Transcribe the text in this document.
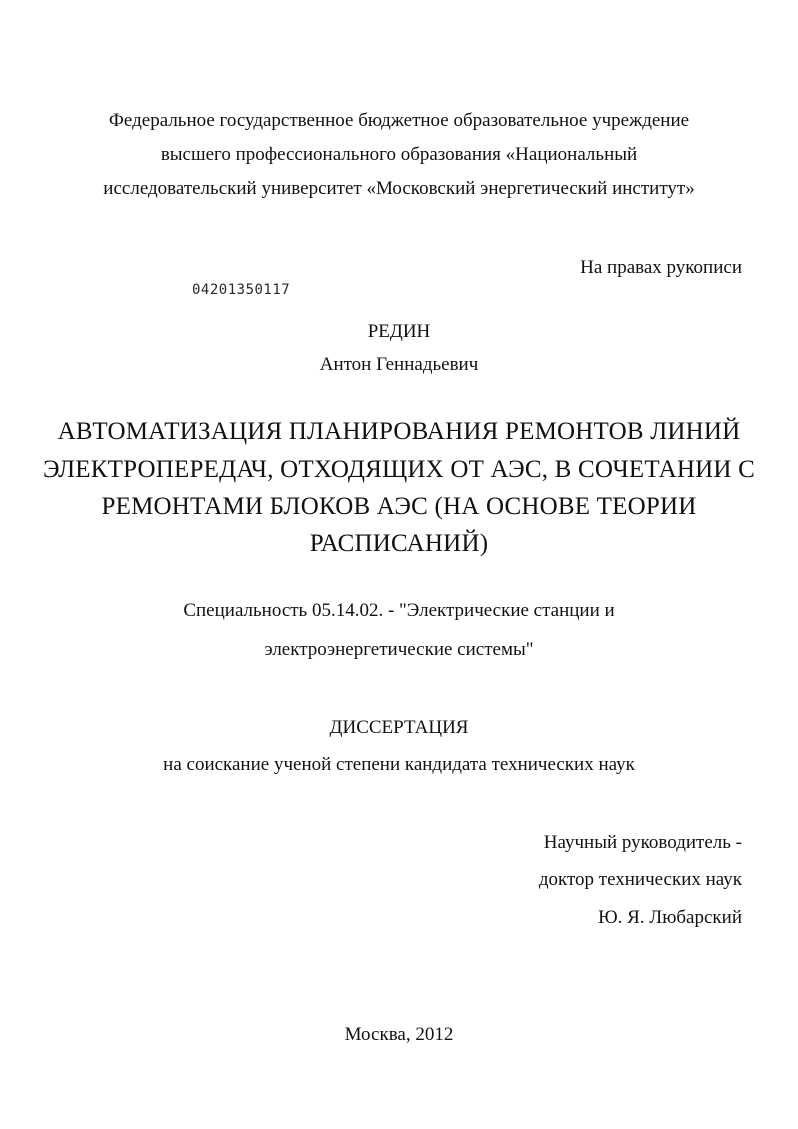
Федеральное государственное бюджетное образовательное учреждение
высшего профессионального образования «Национальный
исследовательский университет «Московский энергетический институт»
На правах рукописи
04201350117
РЕДИН
Антон Геннадьевич
АВТОМАТИЗАЦИЯ ПЛАНИРОВАНИЯ РЕМОНТОВ ЛИНИЙ
ЭЛЕКТРОПЕРЕДАЧ, ОТХОДЯЩИХ ОТ АЭС, В СОЧЕТАНИИ С
РЕМОНТАМИ БЛОКОВ АЭС (НА ОСНОВЕ ТЕОРИИ
РАСПИСАНИЙ)
Специальность 05.14.02. - "Электрические станции и
электроэнергетические системы"
ДИССЕРТАЦИЯ
на соискание ученой степени кандидата технических наук
Научный руководитель -
доктор технических наук
Ю. Я. Любарский
Москва, 2012
